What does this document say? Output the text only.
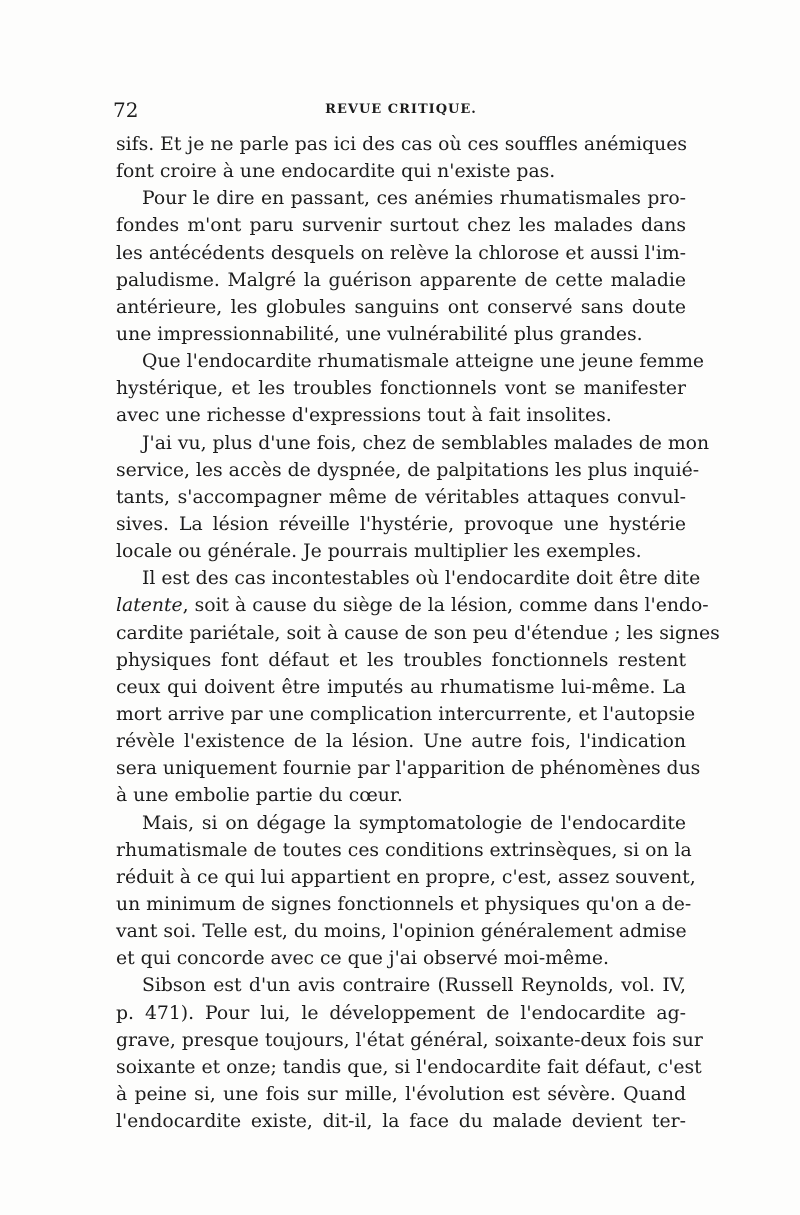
72	REVUE CRITIQUE.
sifs. Et je ne parle pas ici des cas où ces souffles anémiques
font croire à une endocardite qui n'existe pas.
Pour le dire en passant, ces anémies rhumatismales pro-
fondes m'ont paru survenir surtout chez les malades dans
les antécédents desquels on relève la chlorose et aussi l'im-
paludisme. Malgré la guérison apparente de cette maladie
antérieure, les globules sanguins ont conservé sans doute
une impressionnabilité, une vulnérabilité plus grandes.
Que l'endocardite rhumatismale atteigne une jeune femme
hystérique, et les troubles fonctionnels vont se manifester
avec une richesse d'expressions tout à fait insolites.
J'ai vu, plus d'une fois, chez de semblables malades de mon
service, les accès de dyspnée, de palpitations les plus inquié-
tants, s'accompagner même de véritables attaques convul-
sives. La lésion réveille l'hystérie, provoque une hystérie
locale ou générale. Je pourrais multiplier les exemples.
Il est des cas incontestables où l'endocardite doit être dite
latente, soit à cause du siège de la lésion, comme dans l'endo-
cardite pariétale, soit à cause de son peu d'étendue ; les signes
physiques font défaut et les troubles fonctionnels restent
ceux qui doivent être imputés au rhumatisme lui-même. La
mort arrive par une complication intercurrente, et l'autopsie
révèle l'existence de la lésion. Une autre fois, l'indication
sera uniquement fournie par l'apparition de phénomènes dus
à une embolie partie du cœur.
Mais, si on dégage la symptomatologie de l'endocardite
rhumatismale de toutes ces conditions extrinsèques, si on la
réduit à ce qui lui appartient en propre, c'est, assez souvent,
un minimum de signes fonctionnels et physiques qu'on a de-
vant soi. Telle est, du moins, l'opinion généralement admise
et qui concorde avec ce que j'ai observé moi-même.
Sibson est d'un avis contraire (Russell Reynolds, vol. IV,
p. 471). Pour lui, le développement de l'endocardite ag-
grave, presque toujours, l'état général, soixante-deux fois sur
soixante et onze; tandis que, si l'endocardite fait défaut, c'est
à peine si, une fois sur mille, l'évolution est sévère. Quand
l'endocardite existe, dit-il, la face du malade devient ter-
